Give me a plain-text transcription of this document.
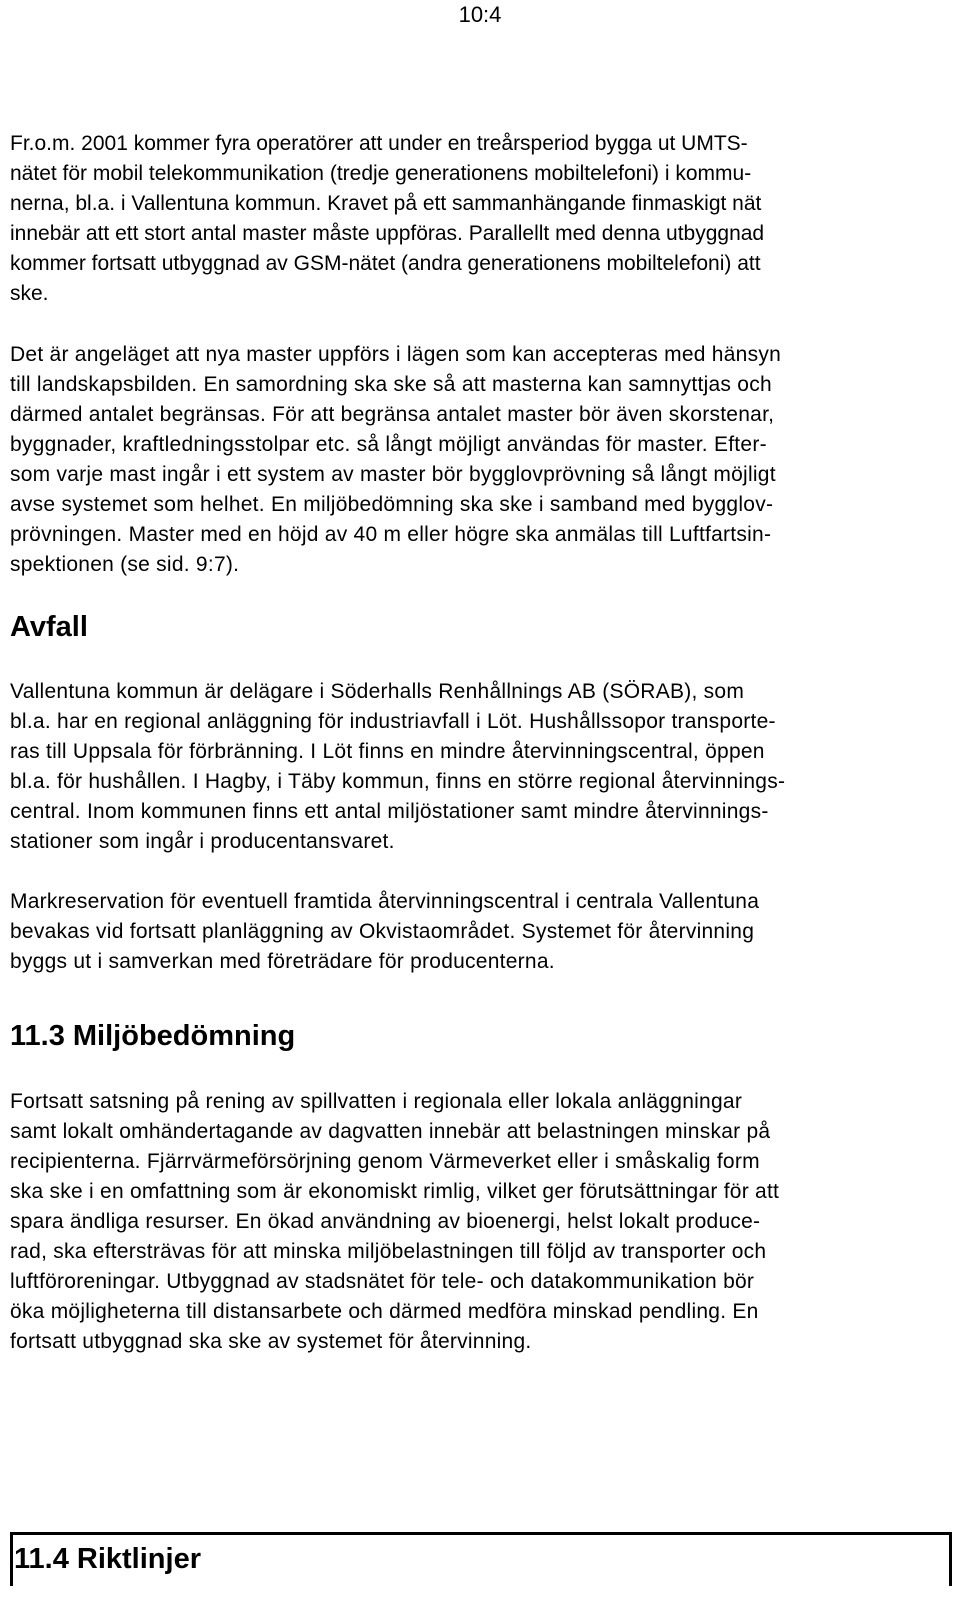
10:4
Fr.o.m. 2001 kommer fyra operatörer att under en treårsperiod bygga ut UMTS-
nätet för mobil telekommunikation (tredje generationens mobiltelefoni) i kommu-
nerna, bl.a. i Vallentuna kommun. Kravet på ett sammanhängande finmaskigt nät
innebär att ett stort antal master måste uppföras. Parallellt med denna utbyggnad
kommer fortsatt utbyggnad av GSM-nätet (andra generationens mobiltelefoni) att
ske.
Det är angeläget att nya master uppförs i lägen som kan accepteras med hänsyn
till landskapsbilden. En samordning ska ske så att masterna kan samnyttjas och
därmed antalet begränsas. För att begränsa antalet master bör även skorstenar,
byggnader, kraftledningsstolpar etc. så långt möjligt användas för master. Efter-
som varje mast ingår i ett system av master bör bygglovprövning så långt möjligt
avse systemet som helhet. En miljöbedömning ska ske i samband med bygglov-
prövningen. Master med en höjd av 40 m eller högre ska anmälas till Luftfartsin-
spektionen (se sid. 9:7).
Avfall
Vallentuna kommun är delägare i Söderhalls Renhållnings AB (SÖRAB), som
bl.a. har en regional anläggning för industriavfall i Löt. Hushållssopor transporte-
ras till Uppsala för förbränning. I Löt finns en mindre återvinningscentral, öppen
bl.a. för hushållen. I Hagby, i Täby kommun, finns en större regional återvinnings-
central. Inom kommunen finns ett antal miljöstationer samt mindre återvinnings-
stationer som ingår i producentansvaret.
Markreservation för eventuell framtida återvinningscentral i centrala Vallentuna
bevakas vid fortsatt planläggning av Okvistaområdet. Systemet för återvinning
byggs ut i samverkan med företrädare för producenterna.
11.3 Miljöbedömning
Fortsatt satsning på rening av spillvatten i regionala eller lokala anläggningar
samt lokalt omhändertagande av dagvatten innebär att belastningen minskar på
recipienterna. Fjärrvärmeförsörjning genom Värmeverket eller i småskalig form
ska ske i en omfattning som är ekonomiskt rimlig, vilket ger förutsättningar för att
spara ändliga resurser. En ökad användning av bioenergi, helst lokalt produce-
rad, ska eftersträvas för att minska miljöbelastningen till följd av transporter och
luftföroreningar. Utbyggnad av stadsnätet för tele- och datakommunikation bör
öka möjligheterna till distansarbete och därmed medföra minskad pendling. En
fortsatt utbyggnad ska ske av systemet för återvinning.
11.4 Riktlinjer
